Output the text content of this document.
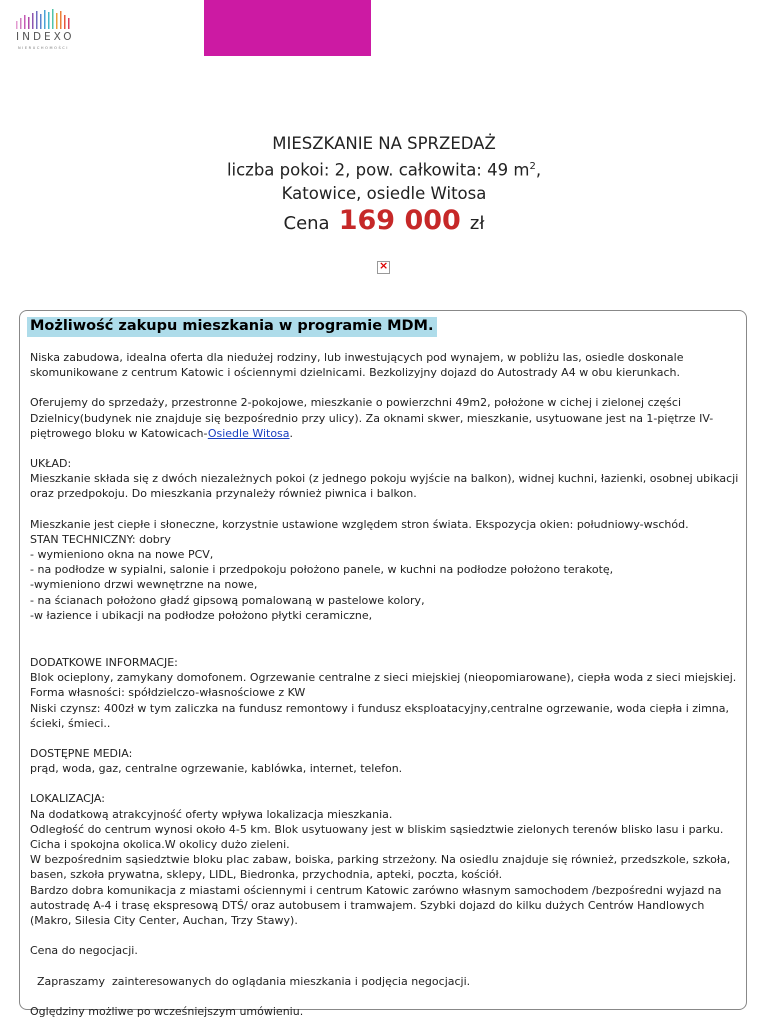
INDEXO
NIERUCHOMOŚCI
MIESZKANIE NA SPRZEDAŻ
liczba pokoi: 2, pow. całkowita: 49 $m^2$,
Katowice, osiedle Witosa
Cena 169 000 zł
×
Możliwość zakupu mieszkania w programie MDM.

Niska zabudowa, idealna oferta dla niedużej rodziny, lub inwestujących pod wynajem, w pobliżu las, osiedle doskonale skomunikowane z centrum Katowic i ościennymi dzielnicami. Bezkolizyjny dojazd do Autostrady A4 w obu kierunkach.

Oferujemy do sprzedaży, przestronne 2-pokojowe, mieszkanie o powierzchni 49m2, położone w cichej i zielonej części Dzielnicy(budynek nie znajduje się bezpośrednio przy ulicy). Za oknami skwer, mieszkanie, usytuowane jest na 1-piętrze IV-piętrowego bloku w Katowicach-Osiedle Witosa.

UKŁAD:
Mieszkanie składa się z dwóch niezależnych pokoi (z jednego pokoju wyjście na balkon), widnej kuchni, łazienki, osobnej ubikacji oraz przedpokoju. Do mieszkania przynależy również piwnica i balkon.

Mieszkanie jest ciepłe i słoneczne, korzystnie ustawione względem stron świata. Ekspozycja okien: południowy-wschód.
STAN TECHNICZNY: dobry
- wymieniono okna na nowe PCV,
- na podłodze w sypialni, salonie i przedpokoju położono panele, w kuchni na podłodze położono terakotę,
-wymieniono drzwi wewnętrzne na nowe,
- na ścianach położono gładź gipsową pomalowaną w pastelowe kolory,
-w łazience i ubikacji na podłodze położono płytki ceramiczne,

DODATKOWE INFORMACJE:
Blok ocieplony, zamykany domofonem. Ogrzewanie centralne z sieci miejskiej (nieopomiarowane), ciepła woda z sieci miejskiej.
Forma własności: spółdzielczo-własnościowe z KW
Niski czynsz: 400zł w tym zaliczka na fundusz remontowy i fundusz eksploatacyjny,centralne ogrzewanie, woda ciepła i zimna, ścieki, śmieci..

DOSTĘPNE MEDIA:
prąd, woda, gaz, centralne ogrzewanie, kablówka, internet, telefon.

LOKALIZACJA:
Na dodatkową atrakcyjność oferty wpływa lokalizacja mieszkania.
Odległość do centrum wynosi około 4-5 km. Blok usytuowany jest w bliskim sąsiedztwie zielonych terenów blisko lasu i parku.
Cicha i spokojna okolica.W okolicy dużo zieleni.
W bezpośrednim sąsiedztwie bloku plac zabaw, boiska, parking strzeżony. Na osiedlu znajduje się również, przedszkole, szkoła, basen, szkoła prywatna, sklepy, LIDL, Biedronka, przychodnia, apteki, poczta, kościół.
Bardzo dobra komunikacja z miastami ościennymi i centrum Katowic zarówno własnym samochodem /bezpośredni wyjazd na autostradę A-4 i trasę ekspresową DTŚ/ oraz autobusem i tramwajem. Szybki dojazd do kilku dużych Centrów Handlowych (Makro, Silesia City Center, Auchan, Trzy Stawy).

Cena do negocjacji.

Zapraszamy  zainteresowanych do oglądania mieszkania i podjęcia negocjacji.

Oględziny możliwe po wcześniejszym umówieniu.
